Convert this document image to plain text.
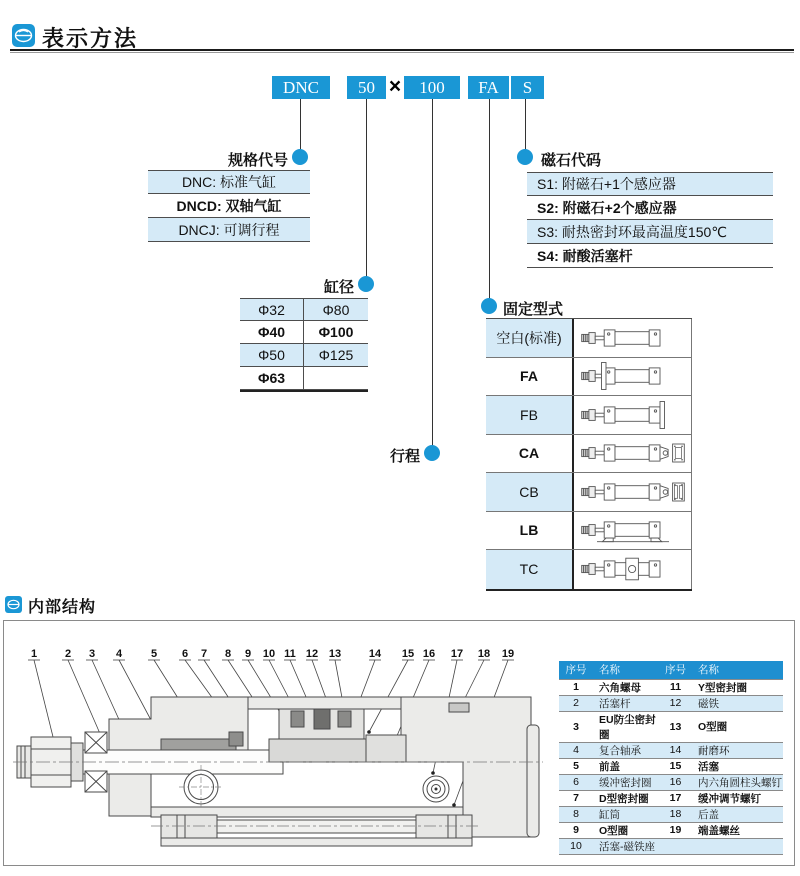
表示方法
DNC	50 ×	100	FA	S
规格代号	磁石代码
缸径
固定型式
行程
DNC: 标准气缸
DNCD: 双轴气缸
DNCJ: 可调行程
S1: 附磁石+1个感应器
S2: 附磁石+2个感应器
S3: 耐热密封环最高温度150℃
S4: 耐酸活塞杆
Φ32	Φ80
Φ40	Φ100
Φ50	Φ125
Φ63
空白(标准)
FA
FB
CA
CB
LB
TC
内部结构
1	2 3 4	5 6 7 8 9 10 11 12 13	14 15 16 17 18 19
序号	名称	序号	名称
1	六角螺母	11	Y型密封圈
2	活塞杆	12	磁铁
3	EU防尘密封圈	13	O型圈
4	复合轴承	14	耐磨环
5	前盖	15	活塞
6	缓冲密封圈	16	内六角圆柱头螺钉
7	D型密封圈	17	缓冲调节螺钉
8	缸筒	18	后盖
9	O型圈	19	端盖螺丝
10	活塞-磁铁座		
